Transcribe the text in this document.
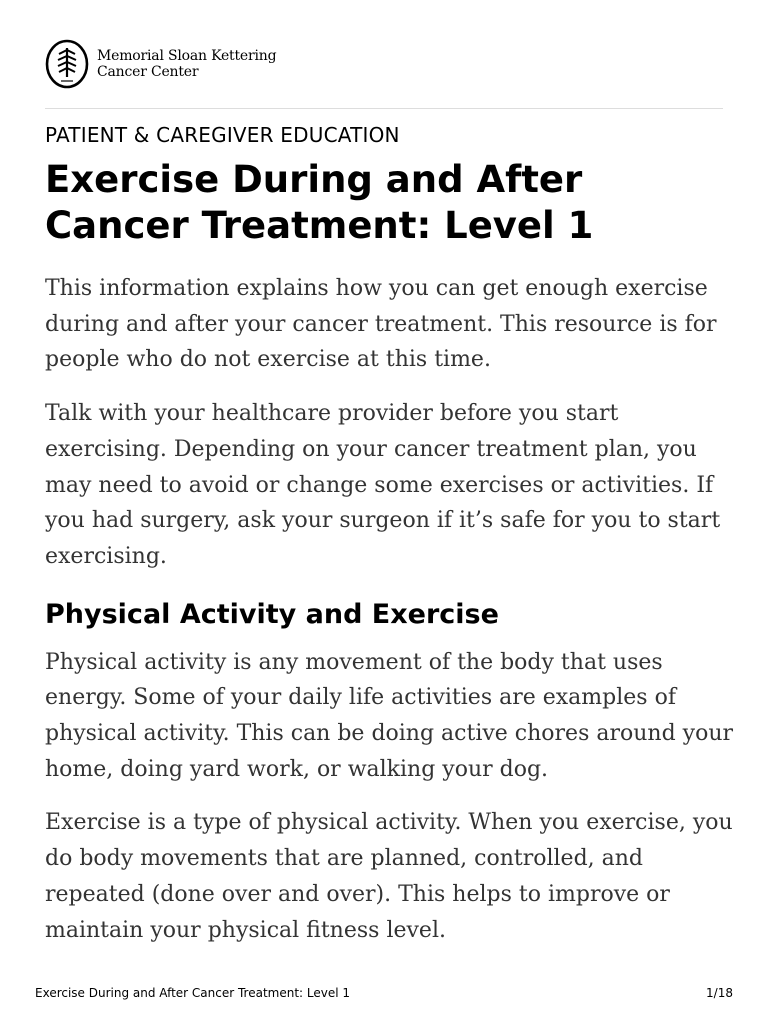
Memorial Sloan Kettering
Cancer Center
PATIENT & CAREGIVER EDUCATION
Exercise During and After Cancer Treatment: Level 1

This information explains how you can get enough exercise during and after your cancer treatment. This resource is for people who do not exercise at this time.

Talk with your healthcare provider before you start exercising. Depending on your cancer treatment plan, you may need to avoid or change some exercises or activities. If you had surgery, ask your surgeon if it’s safe for you to start exercising.

Physical Activity and Exercise

Physical activity is any movement of the body that uses energy. Some of your daily life activities are examples of physical activity. This can be doing active chores around your home, doing yard work, or walking your dog.

Exercise is a type of physical activity. When you exercise, you do body movements that are planned, controlled, and repeated (done over and over). This helps to improve or maintain your physical fitness level.

Exercise During and After Cancer Treatment: Level 1	1/18
